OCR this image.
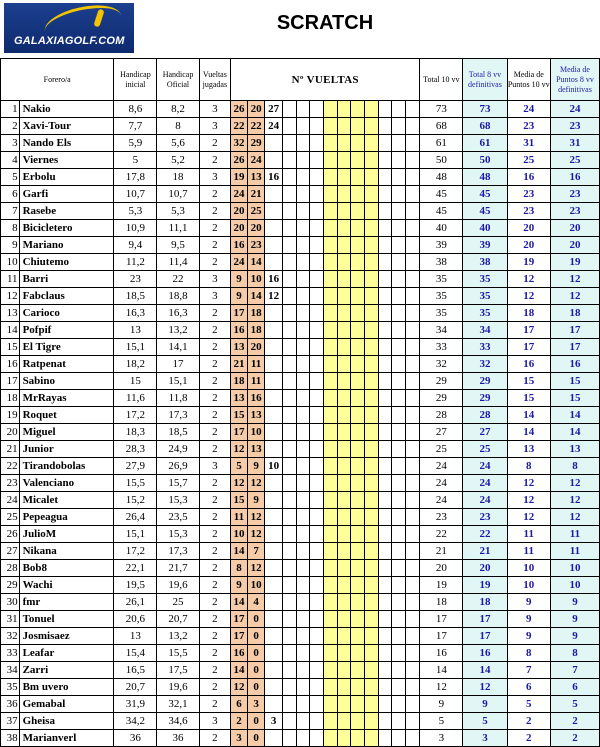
GALAXIAGOLF.COM
SCRATCH
Forero/a		Handicap inicial	Handicap Oficial	Vueltas jugadas	Nº VUELTAS													Total 10 vv	Total 8 vv definitivas	Media de Puntos 10 vv	Media de Puntos 8 vv definitivas
1	Nakio	8,6	8,2	3	26	20	27											73	73	24	24
2	Xavi-Tour	7,7	8	3	22	22	24											68	68	23	23
3	Nando Els	5,9	5,6	2	32	29												61	61	31	31
4	Viernes	5	5,2	2	26	24												50	50	25	25
5	Erbolu	17,8	18	3	19	13	16											48	48	16	16
6	Garfi	10,7	10,7	2	24	21												45	45	23	23
7	Rasebe	5,3	5,3	2	20	25												45	45	23	23
8	Bicicletero	10,9	11,1	2	20	20												40	40	20	20
9	Mariano	9,4	9,5	2	16	23												39	39	20	20
10	Chiutemo	11,2	11,4	2	24	14												38	38	19	19
11	Barri	23	22	3	9	10	16											35	35	12	12
12	Fabclaus	18,5	18,8	3	9	14	12											35	35	12	12
13	Carioco	16,3	16,3	2	17	18												35	35	18	18
14	Pofpif	13	13,2	2	16	18												34	34	17	17
15	El Tigre	15,1	14,1	2	13	20												33	33	17	17
16	Ratpenat	18,2	17	2	21	11												32	32	16	16
17	Sabino	15	15,1	2	18	11												29	29	15	15
18	MrRayas	11,6	11,8	2	13	16												29	29	15	15
19	Roquet	17,2	17,3	2	15	13												28	28	14	14
20	Miguel	18,3	18,5	2	17	10												27	27	14	14
21	Junior	28,3	24,9	2	12	13												25	25	13	13
22	Tirandobolas	27,9	26,9	3	5	9	10											24	24	8	8
23	Valenciano	15,5	15,7	2	12	12												24	24	12	12
24	Micalet	15,2	15,3	2	15	9												24	24	12	12
25	Pepeagua	26,4	23,5	2	11	12												23	23	12	12
26	JulioM	15,1	15,3	2	10	12												22	22	11	11
27	Nikana	17,2	17,3	2	14	7												21	21	11	11
28	Bob8	22,1	21,7	2	8	12												20	20	10	10
29	Wachi	19,5	19,6	2	9	10												19	19	10	10
30	fmr	26,1	25	2	14	4												18	18	9	9
31	Tonuel	20,6	20,7	2	17	0												17	17	9	9
32	Josmisaez	13	13,2	2	17	0												17	17	9	9
33	Leafar	15,4	15,5	2	16	0												16	16	8	8
34	Zarri	16,5	17,5	2	14	0												14	14	7	7
35	Bm uvero	20,7	19,6	2	12	0												12	12	6	6
36	Gemabal	31,9	32,1	2	6	3												9	9	5	5
37	Gheisa	34,2	34,6	3	2	0	3											5	5	2	2
38	Marianverl	36	36	2	3	0												3	3	2	2
